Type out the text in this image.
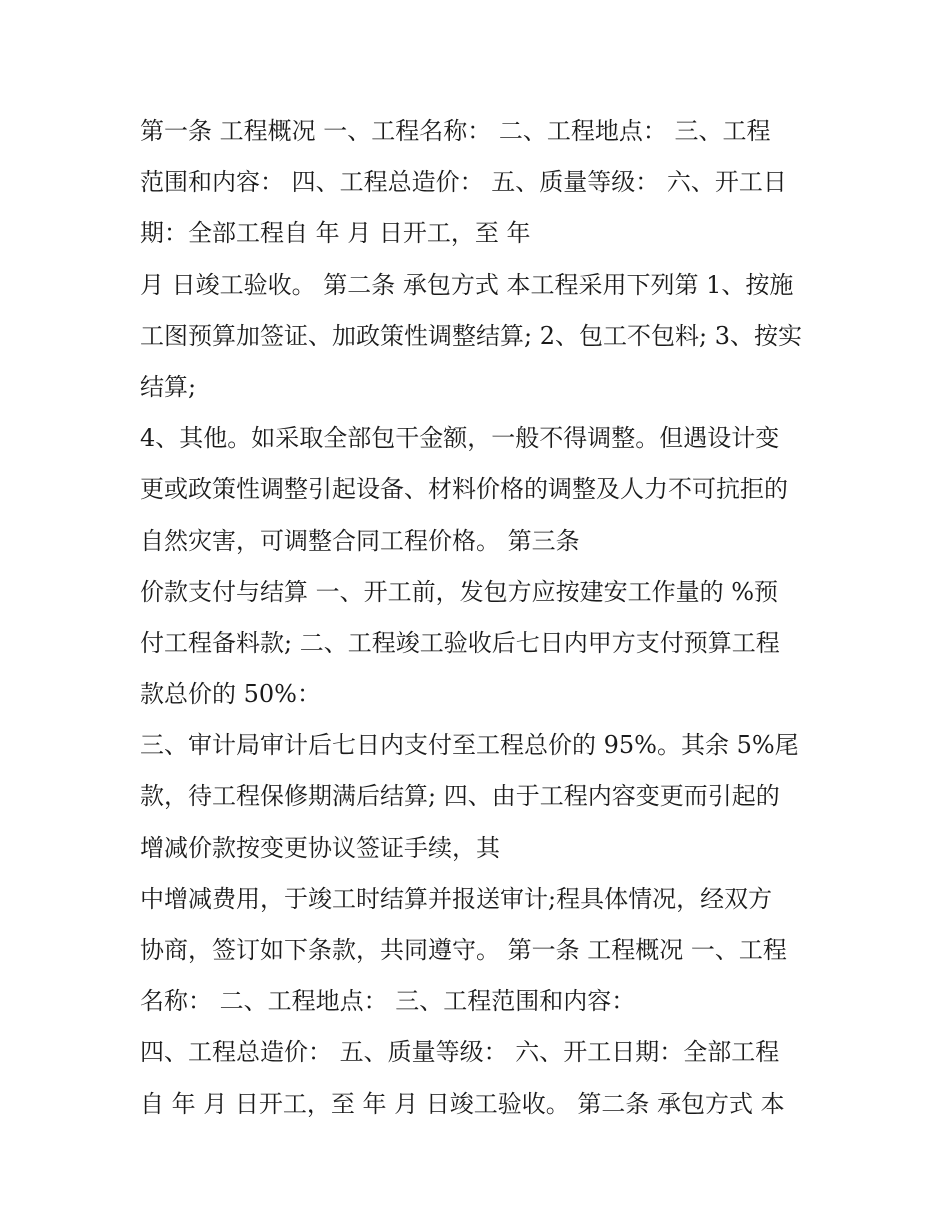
第一条 工程概况 一、工程名称： 二、工程地点： 三、工程
范围和内容： 四、工程总造价： 五、质量等级： 六、开工日
期：全部工程自 年 月 日开工，至 年
月 日竣工验收。 第二条 承包方式 本工程采用下列第 1、按施
工图预算加签证、加政策性调整结算; 2、包工不包料; 3、按实
结算;
4、其他。如采取全部包干金额，一般不得调整。但遇设计变
更或政策性调整引起设备、材料价格的调整及人力不可抗拒的
自然灾害，可调整合同工程价格。 第三条
价款支付与结算 一、开工前，发包方应按建安工作量的 %预
付工程备料款; 二、工程竣工验收后七日内甲方支付预算工程
款总价的 50%：
三、审计局审计后七日内支付至工程总价的 95%。其余 5%尾
款，待工程保修期满后结算; 四、由于工程内容变更而引起的
增减价款按变更协议签证手续，其
中增减费用，于竣工时结算并报送审计;程具体情况，经双方
协商，签订如下条款，共同遵守。 第一条 工程概况 一、工程
名称： 二、工程地点： 三、工程范围和内容：
四、工程总造价： 五、质量等级： 六、开工日期：全部工程
自 年 月 日开工，至 年 月 日竣工验收。 第二条 承包方式 本
